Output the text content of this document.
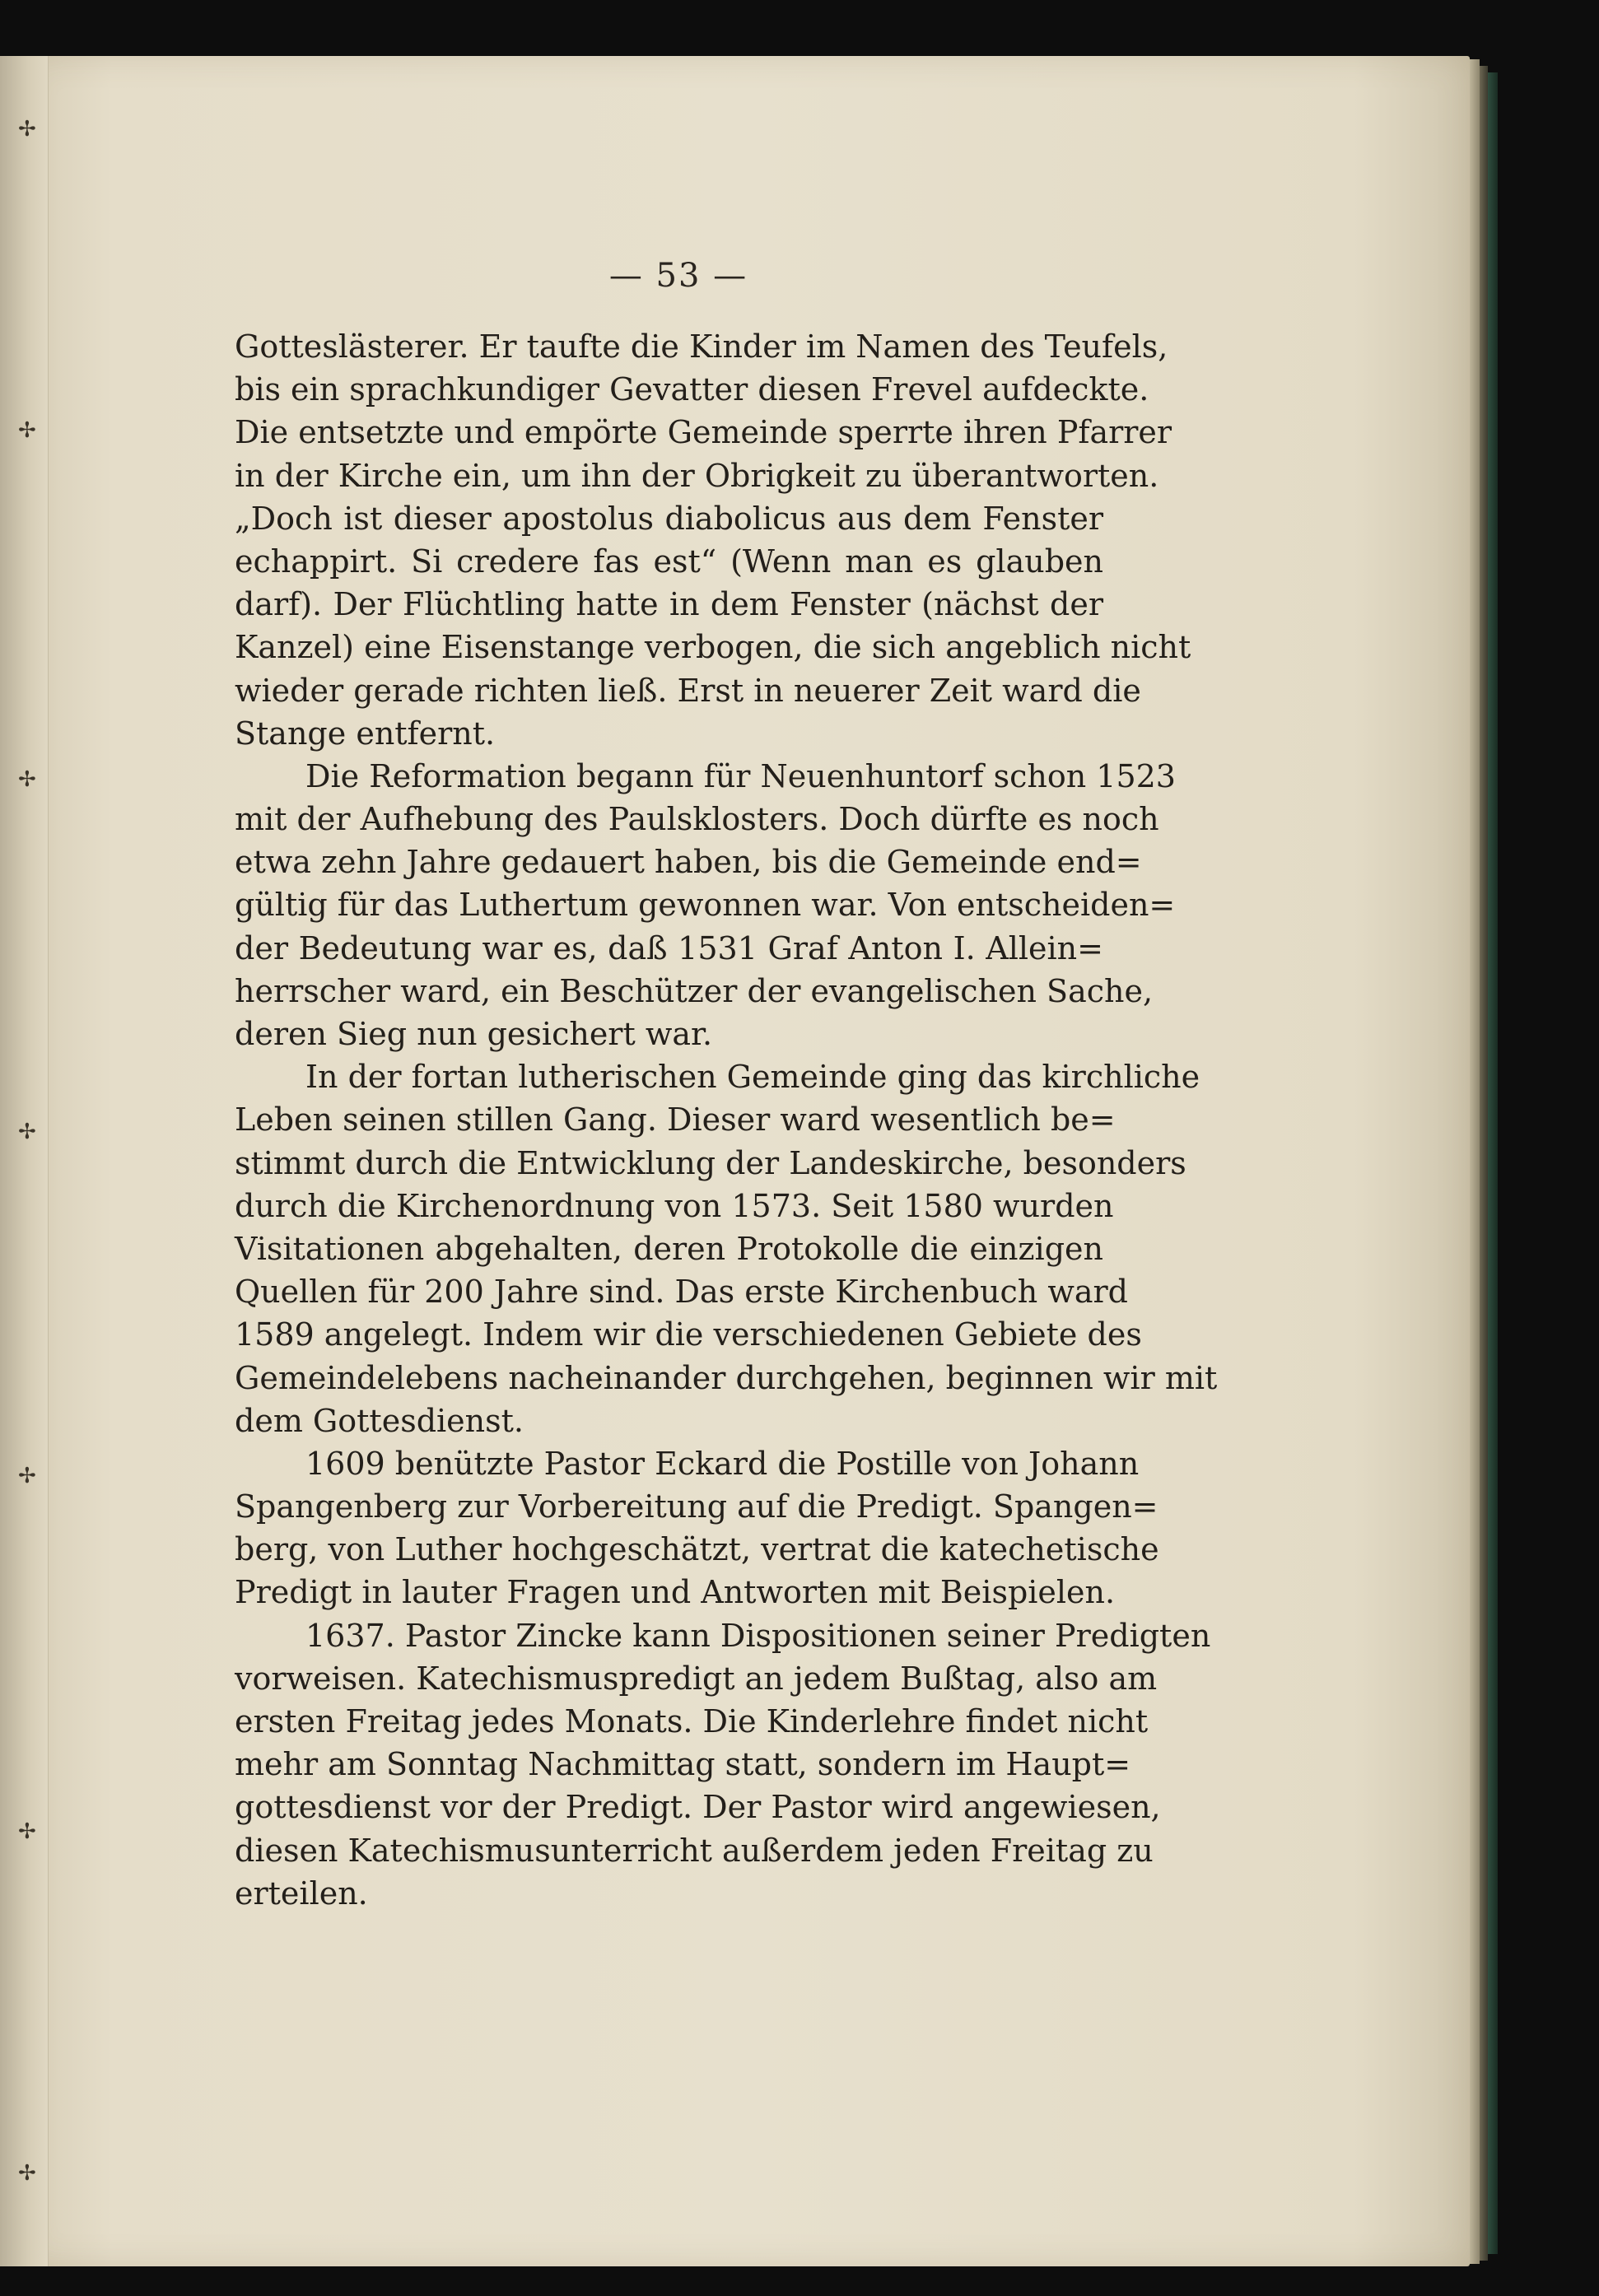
✢
✢
✢
✢
✢
✢
✢
— 53 —
Gotteslästerer. Er taufte die Kinder im Namen des Teufels,
bis ein sprachkundiger Gevatter diesen Frevel aufdeckte.
Die entsetzte und empörte Gemeinde sperrte ihren Pfarrer
in der Kirche ein, um ihn der Obrigkeit zu überantworten.
„Doch ist dieser apostolus diabolicus aus dem Fenster
echappirt. Si credere fas est“ (Wenn man es glauben
darf). Der Flüchtling hatte in dem Fenster (nächst der
Kanzel) eine Eisenstange verbogen, die sich angeblich nicht
wieder gerade richten ließ. Erst in neuerer Zeit ward die
Stange entfernt.
Die Reformation begann für Neuenhuntorf schon 1523
mit der Aufhebung des Paulsklosters. Doch dürfte es noch
etwa zehn Jahre gedauert haben, bis die Gemeinde end=
gültig für das Luthertum gewonnen war. Von entscheiden=
der Bedeutung war es, daß 1531 Graf Anton I. Allein=
herrscher ward, ein Beschützer der evangelischen Sache,
deren Sieg nun gesichert war.
In der fortan lutherischen Gemeinde ging das kirchliche
Leben seinen stillen Gang. Dieser ward wesentlich be=
stimmt durch die Entwicklung der Landeskirche, besonders
durch die Kirchenordnung von 1573. Seit 1580 wurden
Visitationen abgehalten, deren Protokolle die einzigen
Quellen für 200 Jahre sind. Das erste Kirchenbuch ward
1589 angelegt. Indem wir die verschiedenen Gebiete des
Gemeindelebens nacheinander durchgehen, beginnen wir mit
dem Gottesdienst.
1609 benützte Pastor Eckard die Postille von Johann
Spangenberg zur Vorbereitung auf die Predigt. Spangen=
berg, von Luther hochgeschätzt, vertrat die katechetische
Predigt in lauter Fragen und Antworten mit Beispielen.
1637. Pastor Zincke kann Dispositionen seiner Predigten
vorweisen. Katechismuspredigt an jedem Bußtag, also am
ersten Freitag jedes Monats. Die Kinderlehre findet nicht
mehr am Sonntag Nachmittag statt, sondern im Haupt=
gottesdienst vor der Predigt. Der Pastor wird angewiesen,
diesen Katechismusunterricht außerdem jeden Freitag zu
erteilen.
